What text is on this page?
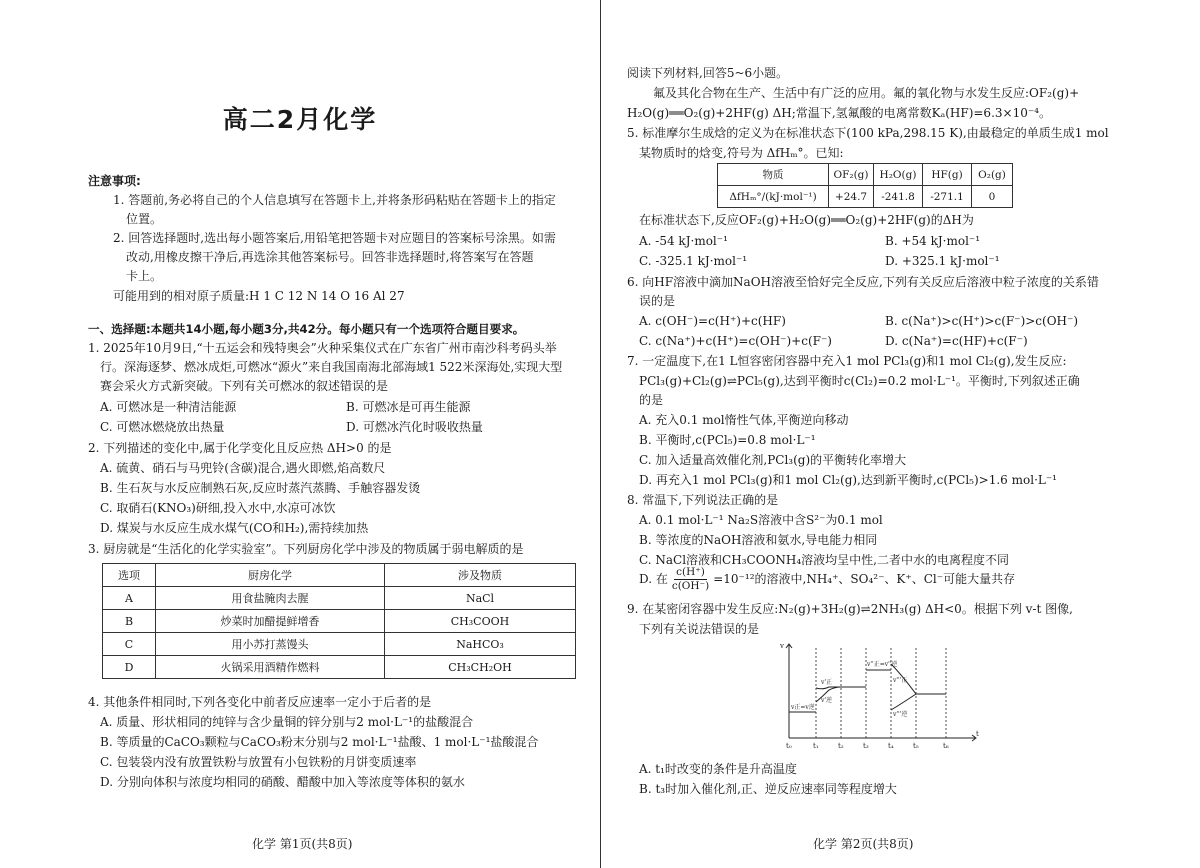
高二2月化学
注意事项:
1. 答题前,务必将自己的个人信息填写在答题卡上,并将条形码粘贴在答题卡上的指定
位置。
2. 回答选择题时,选出每小题答案后,用铅笔把答题卡对应题目的答案标号涂黑。如需
改动,用橡皮擦干净后,再选涂其他答案标号。回答非选择题时,将答案写在答题
卡上。
可能用到的相对原子质量:H 1 C 12 N 14 O 16 Al 27
一、选择题:本题共14小题,每小题3分,共42分。每小题只有一个选项符合题目要求。
1. 2025年10月9日,“十五运会和残特奥会”火种采集仪式在广东省广州市南沙科考码头举
行。深海逐梦、燃冰成炬,可燃冰“源火”来自我国南海北部海域1 522米深海处,实现大型
赛会采火方式新突破。下列有关可燃冰的叙述错误的是
A. 可燃冰是一种清洁能源	B. 可燃冰是可再生能源
C. 可燃冰燃烧放出热量	D. 可燃冰汽化时吸收热量
2. 下列描述的变化中,属于化学变化且反应热 ΔH>0 的是
A. 硫黄、硝石与马兜铃(含碳)混合,遇火即燃,焰高数尺
B. 生石灰与水反应制熟石灰,反应时蒸汽蒸腾、手触容器发烫
C. 取硝石(KNO₃)研细,投入水中,水凉可冰饮
D. 煤炭与水反应生成水煤气(CO和H₂),需持续加热
3. 厨房就是“生活化的化学实验室”。下列厨房化学中涉及的物质属于弱电解质的是
选项	厨房化学	涉及物质
A	用食盐腌肉去腥	NaCl
B	炒菜时加醋提鲜增香	CH₃COOH
C	用小苏打蒸馒头	NaHCO₃
D	火锅采用酒精作燃料	CH₃CH₂OH
4. 其他条件相同时,下列各变化中前者反应速率一定小于后者的是
A. 质量、形状相同的纯锌与含少量铜的锌分别与2 mol·L⁻¹的盐酸混合
B. 等质量的CaCO₃颗粒与CaCO₃粉末分别与2 mol·L⁻¹盐酸、1 mol·L⁻¹盐酸混合
C. 包装袋内没有放置铁粉与放置有小包铁粉的月饼变质速率
D. 分别向体积与浓度均相同的硝酸、醋酸中加入等浓度等体积的氨水
化学 第1页(共8页)
阅读下列材料,回答5~6小题。
氟及其化合物在生产、生活中有广泛的应用。氟的氧化物与水发生反应:OF₂(g)+
H₂O(g)══O₂(g)+2HF(g) ΔH;常温下,氢氟酸的电离常数Kₐ(HF)=6.3×10⁻⁴。
5. 标准摩尔生成焓的定义为在标准状态下(100 kPa,298.15 K),由最稳定的单质生成1 mol
某物质时的焓变,符号为 ΔfHₘ°。已知:
物质	OF₂(g)	H₂O(g)	HF(g)	O₂(g)
ΔfHₘ°/(kJ·mol⁻¹)	+24.7	-241.8	-271.1	0
在标准状态下,反应OF₂(g)+H₂O(g)══O₂(g)+2HF(g)的ΔH为
A. -54 kJ·mol⁻¹	B. +54 kJ·mol⁻¹
C. -325.1 kJ·mol⁻¹	D. +325.1 kJ·mol⁻¹
6. 向HF溶液中滴加NaOH溶液至恰好完全反应,下列有关反应后溶液中粒子浓度的关系错
误的是
A. c(OH⁻)=c(H⁺)+c(HF)	B. c(Na⁺)>c(H⁺)>c(F⁻)>c(OH⁻)
C. c(Na⁺)+c(H⁺)=c(OH⁻)+c(F⁻)	D. c(Na⁺)=c(HF)+c(F⁻)
7. 一定温度下,在1 L恒容密闭容器中充入1 mol PCl₃(g)和1 mol Cl₂(g),发生反应:
PCl₃(g)+Cl₂(g)⇌PCl₅(g),达到平衡时c(Cl₂)=0.2 mol·L⁻¹。平衡时,下列叙述正确
的是
A. 充入0.1 mol惰性气体,平衡逆向移动
B. 平衡时,c(PCl₅)=0.8 mol·L⁻¹
C. 加入适量高效催化剂,PCl₃(g)的平衡转化率增大
D. 再充入1 mol PCl₃(g)和1 mol Cl₂(g),达到新平衡时,c(PCl₅)>1.6 mol·L⁻¹
8. 常温下,下列说法正确的是
A. 0.1 mol·L⁻¹ Na₂S溶液中含S²⁻为0.1 mol
B. 等浓度的NaOH溶液和氨水,导电能力相同
C. NaCl溶液和CH₃COONH₄溶液均呈中性,二者中水的电离程度不同
D. 在 $\frac{c(H^+)}{c(OH^-)} =10^{-12}$的溶液中,NH₄⁺、SO₄²⁻、K⁺、Cl⁻可能大量共存
9. 在某密闭容器中发生反应:N₂(g)+3H₂(g)⇌2NH₃(g) ΔH<0。根据下列 v-t 图像,
下列有关说法错误的是
v
t
t₀	t₁	t₂	t₃	t₄	t₅	t₆
v正=v逆
v'正
v'逆
v''正=v''逆
v'''正
v'''逆
A. t₁时改变的条件是升高温度
B. t₃时加入催化剂,正、逆反应速率同等程度增大
化学 第2页(共8页)
